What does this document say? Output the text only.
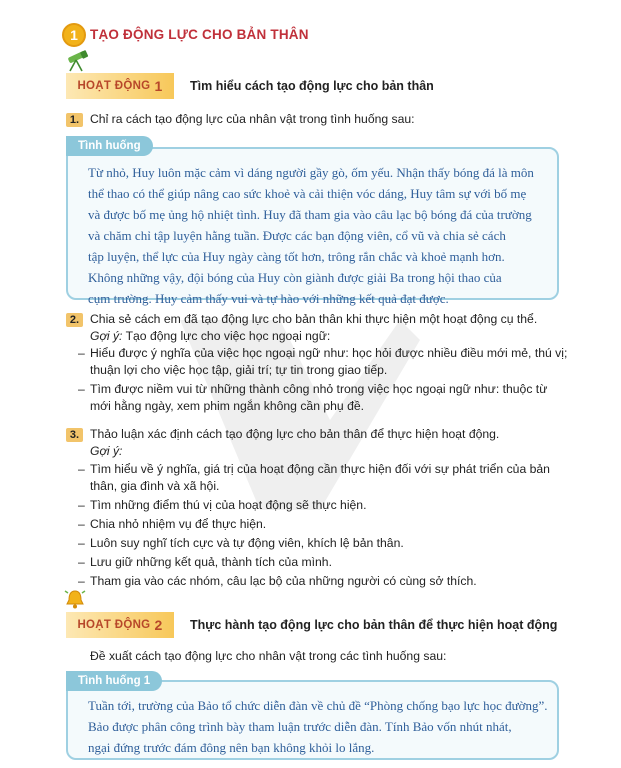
1 TẠO ĐỘNG LỰC CHO BẢN THÂN
HOẠT ĐỘNG 1 Tìm hiểu cách tạo động lực cho bản thân
1. Chỉ ra cách tạo động lực của nhân vật trong tình huống sau:
Tình huống
Từ nhỏ, Huy luôn mặc cảm vì dáng người gầy gò, ốm yếu. Nhận thấy bóng đá là môn
thể thao có thể giúp nâng cao sức khoẻ và cải thiện vóc dáng, Huy tâm sự với bố mẹ
và được bố mẹ ủng hộ nhiệt tình. Huy đã tham gia vào câu lạc bộ bóng đá của trường
và chăm chỉ tập luyện hằng tuần. Được các bạn động viên, cổ vũ và chia sẻ cách
tập luyện, thể lực của Huy ngày càng tốt hơn, trông rắn chắc và khoẻ mạnh hơn.
Không những vậy, đội bóng của Huy còn giành được giải Ba trong hội thao của
cụm trường. Huy cảm thấy vui và tự hào với những kết quả đạt được.
2. Chia sẻ cách em đã tạo động lực cho bản thân khi thực hiện một hoạt động cụ thể.
Gợi ý: Tạo động lực cho việc học ngoại ngữ:
– Hiểu được ý nghĩa của việc học ngoại ngữ như: học hỏi được nhiều điều mới mẻ, thú vị;
thuận lợi cho việc học tập, giải trí; tự tin trong giao tiếp.
– Tìm được niềm vui từ những thành công nhỏ trong việc học ngoại ngữ như: thuộc từ
mới hằng ngày, xem phim ngắn không cần phụ đề.
3. Thảo luận xác định cách tạo động lực cho bản thân để thực hiện hoạt động.
Gợi ý:
– Tìm hiểu về ý nghĩa, giá trị của hoạt động cần thực hiện đối với sự phát triển của bản
thân, gia đình và xã hội.
– Tìm những điểm thú vị của hoạt động sẽ thực hiện.
– Chia nhỏ nhiệm vụ để thực hiện.
– Luôn suy nghĩ tích cực và tự động viên, khích lệ bản thân.
– Lưu giữ những kết quả, thành tích của mình.
– Tham gia vào các nhóm, câu lạc bộ của những người có cùng sở thích.
HOẠT ĐỘNG 2 Thực hành tạo động lực cho bản thân để thực hiện hoạt động
Đề xuất cách tạo động lực cho nhân vật trong các tình huống sau:
Tình huống 1
Tuần tới, trường của Bảo tổ chức diễn đàn về chủ đề “Phòng chống bạo lực học đường”.
Bảo được phân công trình bày tham luận trước diễn đàn. Tính Bảo vốn nhút nhát,
ngại đứng trước đám đông nên bạn không khỏi lo lắng.
